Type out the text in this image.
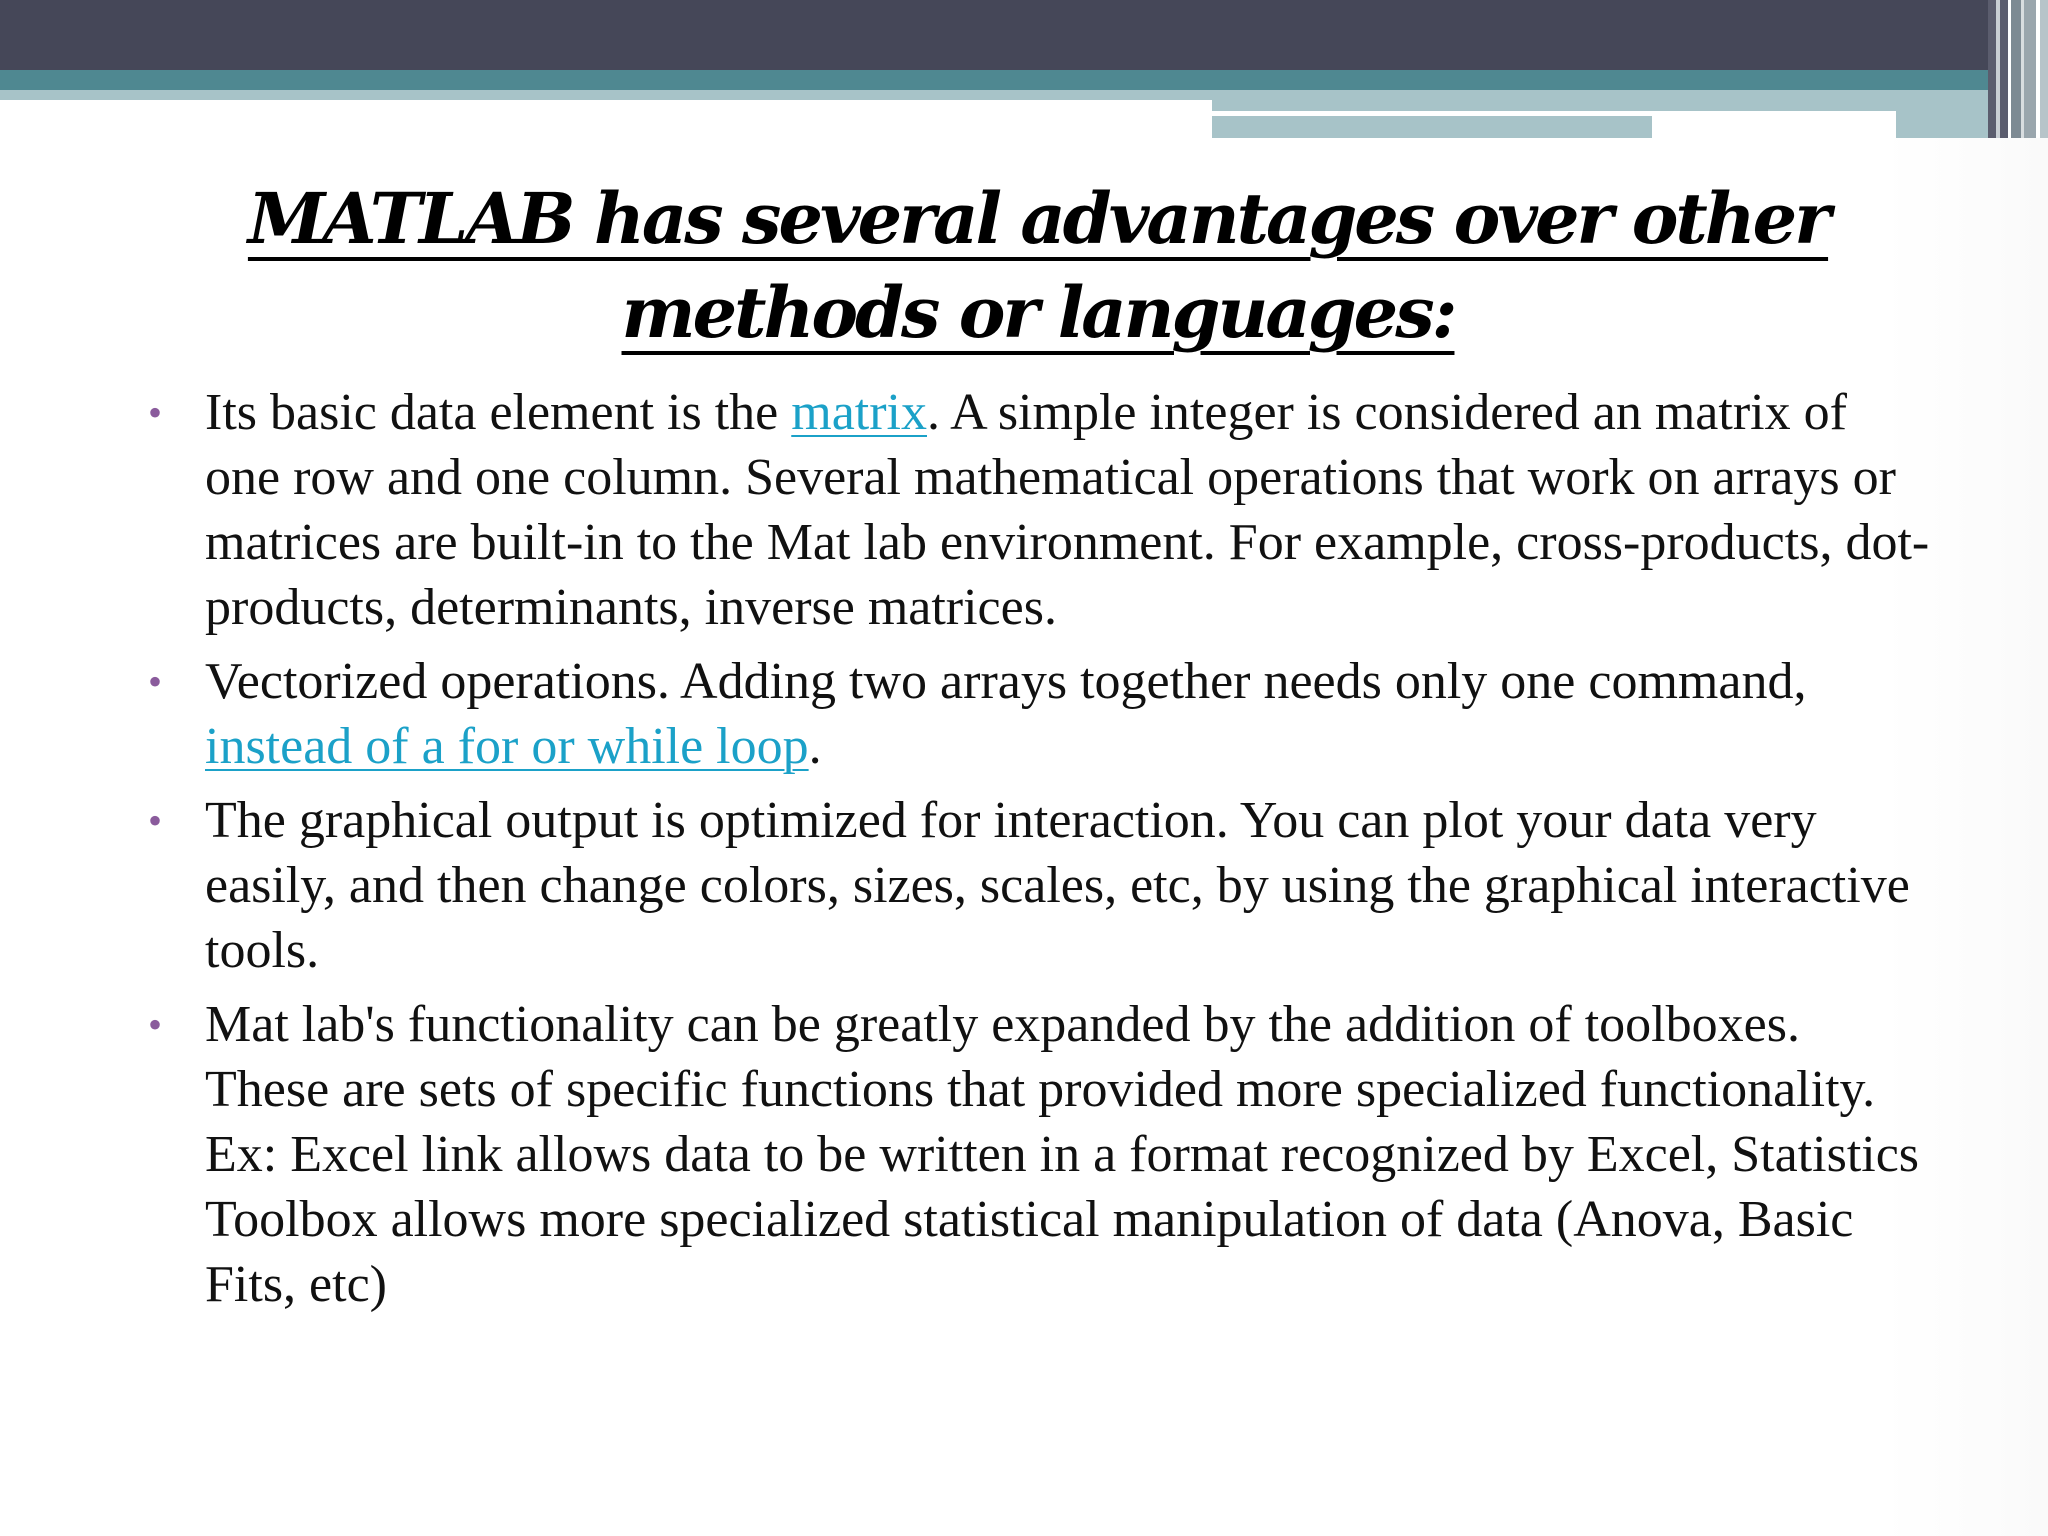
MATLAB has several advantages over other methods or languages:
• Its basic data element is the matrix. A simple integer is considered an matrix of one row and one column. Several mathematical operations that work on arrays or matrices are built-in to the Mat lab environment. For example, cross-products, dot-products, determinants, inverse matrices.
• Vectorized operations. Adding two arrays together needs only one command, instead of a for or while loop.
• The graphical output is optimized for interaction. You can plot your data very easily, and then change colors, sizes, scales, etc, by using the graphical interactive tools.
• Mat lab's functionality can be greatly expanded by the addition of toolboxes. These are sets of specific functions that provided more specialized functionality. Ex: Excel link allows data to be written in a format recognized by Excel, Statistics Toolbox allows more specialized statistical manipulation of data (Anova, Basic Fits, etc)
